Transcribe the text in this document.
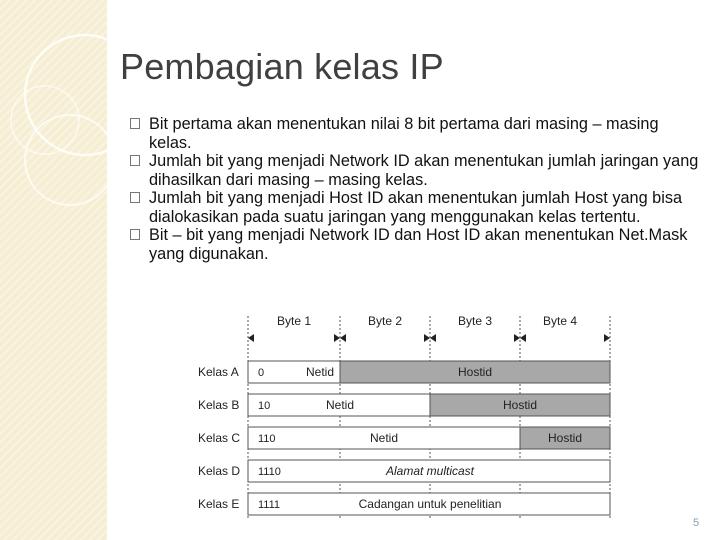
Pembagian kelas IP
Bit pertama akan menentukan nilai 8 bit pertama dari masing – masing kelas.
Jumlah bit yang menjadi Network ID akan menentukan jumlah jaringan yang dihasilkan dari masing – masing kelas.
Jumlah bit yang menjadi Host ID akan menentukan jumlah Host yang bisa dialokasikan pada suatu jaringan yang menggunakan kelas tertentu.
Bit – bit yang menjadi Network ID dan Host ID akan menentukan Net.Mask yang digunakan.
Byte 1	Byte 2	Byte 3	Byte 4
Kelas A 0	Netid	Hostid
Kelas B 10	Netid	Hostid
Kelas C 110	Netid	Hostid
Kelas D 1110	Alamat multicast
Kelas E 1111	Cadangan untuk penelitian
5
